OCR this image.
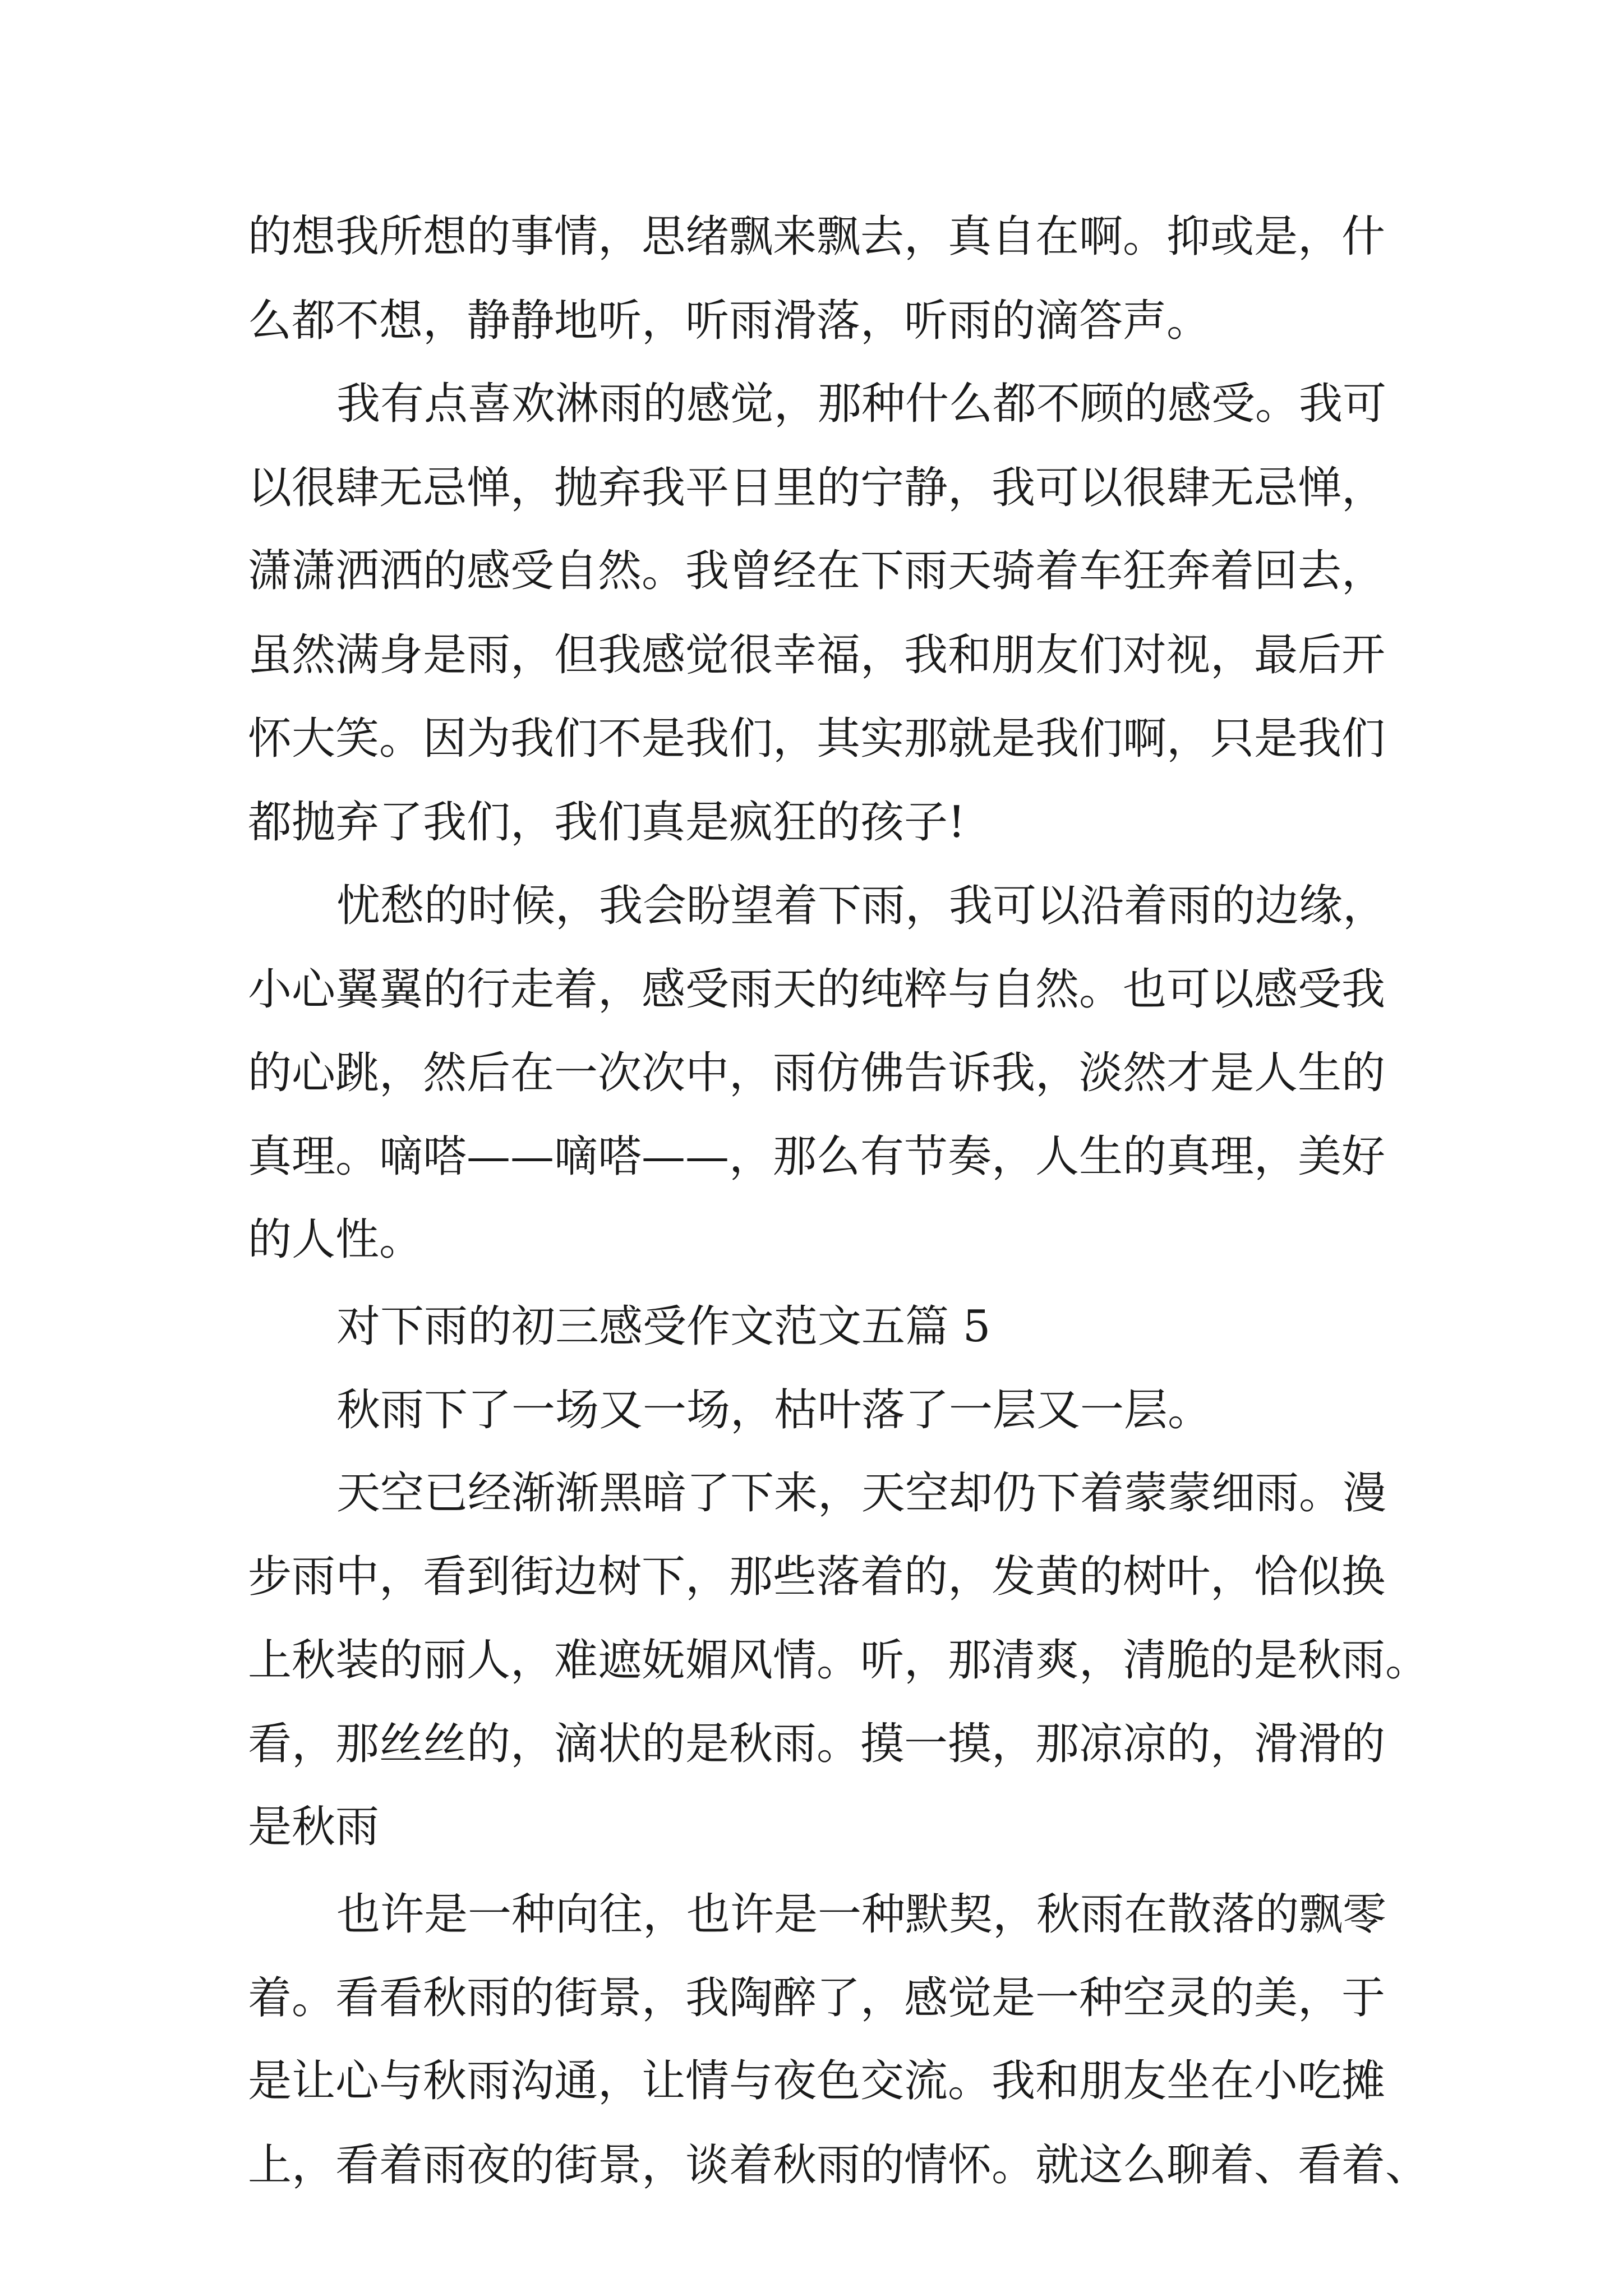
的想我所想的事情，思绪飘来飘去，真自在啊。抑或是，什
么都不想，静静地听，听雨滑落，听雨的滴答声。
我有点喜欢淋雨的感觉，那种什么都不顾的感受。我可
以很肆无忌惮，抛弃我平日里的宁静，我可以很肆无忌惮，
潇潇洒洒的感受自然。我曾经在下雨天骑着车狂奔着回去，
虽然满身是雨，但我感觉很幸福，我和朋友们对视，最后开
怀大笑。因为我们不是我们，其实那就是我们啊，只是我们
都抛弃了我们，我们真是疯狂的孩子!
忧愁的时候，我会盼望着下雨，我可以沿着雨的边缘，
小心翼翼的行走着，感受雨天的纯粹与自然。也可以感受我
的心跳，然后在一次次中，雨仿佛告诉我，淡然才是人生的
真理。嘀嗒——嘀嗒——，那么有节奏，人生的真理，美好
的人性。
对下雨的初三感受作文范文五篇 5
秋雨下了一场又一场，枯叶落了一层又一层。
天空已经渐渐黑暗了下来，天空却仍下着蒙蒙细雨。漫
步雨中，看到街边树下，那些落着的，发黄的树叶，恰似换
上秋装的丽人，难遮妩媚风情。听，那清爽，清脆的是秋雨。
看，那丝丝的，滴状的是秋雨。摸一摸，那凉凉的，滑滑的
是秋雨
也许是一种向往，也许是一种默契，秋雨在散落的飘零
着。看看秋雨的街景，我陶醉了，感觉是一种空灵的美，于
是让心与秋雨沟通，让情与夜色交流。我和朋友坐在小吃摊
上，看着雨夜的街景，谈着秋雨的情怀。就这么聊着、看着、
